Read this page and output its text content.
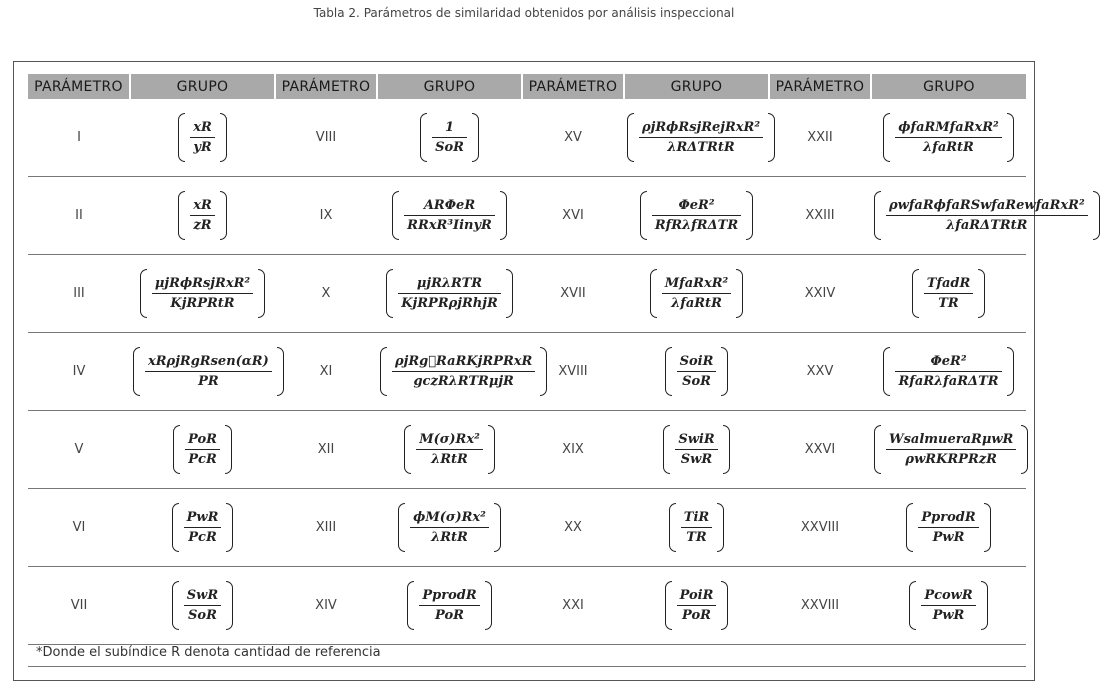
Tabla 2. Parámetros de similaridad obtenidos por análisis inspeccional
PARÁMETRO	GRUPO	PARÁMETRO	GRUPO	PARÁMETRO	GRUPO	PARÁMETRO	GRUPO
I	$\frac{xR}{yR}$	VIII	$\frac{1}{\text{SoR}}$	XV	$\frac{\text{ρjRϕRsjRejRxR²}}{\text{λRΔTRtR}}$	XXII	$\frac{\text{ϕfaRMfaRxR²}}{\text{λfaRtR}}$

II	$\frac{xR}{zR}$	IX	$\frac{\text{ARΦeR}}{\text{RRxR³IinyR}}$	XVI	$\frac{\text{ΦeR²}}{\text{RfRλfRΔTR}}$	XXIII	$\frac{\text{ρwfaRϕfaRSwfaRewfaRxR²}}{\text{λfaRΔTRtR}}$

III	$\frac{\text{μjRϕRsjRxR²}}{\text{KjRPRtR}}$	X	$\frac{\text{μjRλRTR}}{\text{KjRPRρjRhjR}}$	XVII	$\frac{\text{MfaRxR²}}{\text{λfaRtR}}$	XXIV	$\frac{\text{TfadR}}{TR}$

IV	$\frac{\text{xRρjRgRsen(αR)}}{PR}$	XI	$\frac{\text{ρjRg⃗RaRKjRPRxR}}{\text{gczRλRTRμjR}}$	XVIII	$\frac{\text{SoiR}}{\text{SoR}}$	XXV	$\frac{\text{ΦeR²}}{\text{RfaRλfaRΔTR}}$

V	$\frac{\text{PoR}}{\text{PcR}}$	XII	$\frac{\text{M(σ)Rx²}}{\text{λRtR}}$	XIX	$\frac{\text{SwiR}}{\text{SwR}}$	XXVI	$\frac{\text{WsalmueraRμwR}}{\text{ρwRKRPRzR}}$

VI	$\frac{\text{PwR}}{\text{PcR}}$	XIII	$\frac{\text{ϕM(σ)Rx²}}{\text{λRtR}}$	XX	$\frac{\text{TiR}}{TR}$	XXVIII	$\frac{\text{PprodR}}{\text{PwR}}$

VII	$\frac{\text{SwR}}{\text{SoR}}$	XIV	$\frac{\text{PprodR}}{\text{PoR}}$	XXI	$\frac{\text{PoiR}}{\text{PoR}}$	XXVIII	$\frac{\text{PcowR}}{\text{PwR}}$
*Donde el subíndice R denota cantidad de referencia
